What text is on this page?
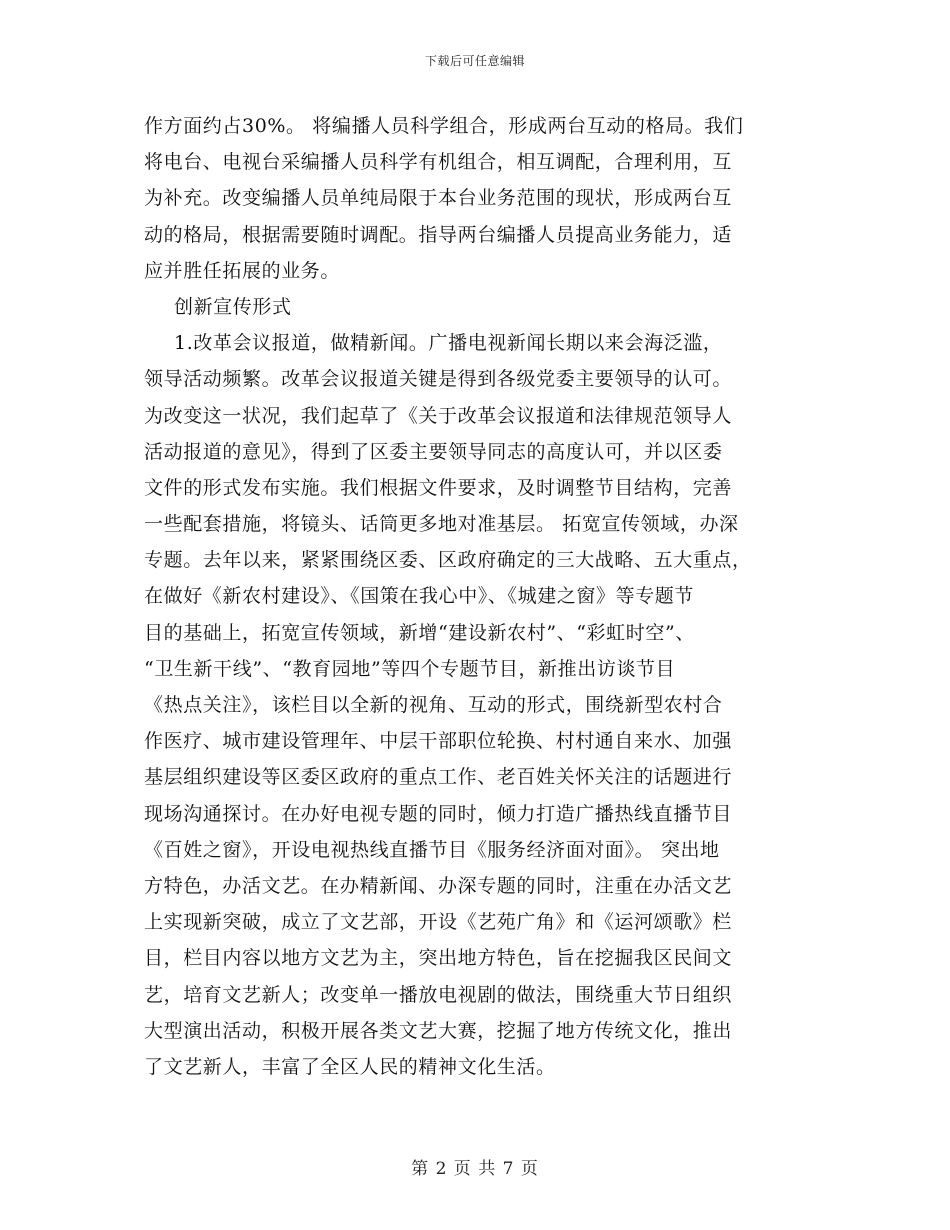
下载后可任意编辑
作方面约占30%。 将编播人员科学组合，形成两台互动的格局。我们
将电台、电视台采编播人员科学有机组合，相互调配，合理利用，互
为补充。改变编播人员单纯局限于本台业务范围的现状，形成两台互
动的格局，根据需要随时调配。指导两台编播人员提高业务能力，适
应并胜任拓展的业务。
创新宣传形式
1.改革会议报道，做精新闻。广播电视新闻长期以来会海泛滥，
领导活动频繁。改革会议报道关键是得到各级党委主要领导的认可。
为改变这一状况，我们起草了《关于改革会议报道和法律规范领导人
活动报道的意见》，得到了区委主要领导同志的高度认可，并以区委
文件的形式发布实施。我们根据文件要求，及时调整节目结构，完善
一些配套措施，将镜头、话筒更多地对准基层。 拓宽宣传领域，办深
专题。去年以来，紧紧围绕区委、区政府确定的三大战略、五大重点，
在做好《新农村建设》、《国策在我心中》、《城建之窗》等专题节
目的基础上，拓宽宣传领域，新增“建设新农村”、“彩虹时空”、
“卫生新干线”、“教育园地”等四个专题节目，新推出访谈节目
《热点关注》，该栏目以全新的视角、互动的形式，围绕新型农村合
作医疗、城市建设管理年、中层干部职位轮换、村村通自来水、加强
基层组织建设等区委区政府的重点工作、老百姓关怀关注的话题进行
现场沟通探讨。在办好电视专题的同时，倾力打造广播热线直播节目
《百姓之窗》，开设电视热线直播节目《服务经济面对面》。 突出地
方特色，办活文艺。在办精新闻、办深专题的同时，注重在办活文艺
上实现新突破，成立了文艺部，开设《艺苑广角》和《运河颂歌》栏
目，栏目内容以地方文艺为主，突出地方特色，旨在挖掘我区民间文
艺，培育文艺新人；改变单一播放电视剧的做法，围绕重大节日组织
大型演出活动，积极开展各类文艺大赛，挖掘了地方传统文化，推出
了文艺新人，丰富了全区人民的精神文化生活。
第 2 页 共 7 页
